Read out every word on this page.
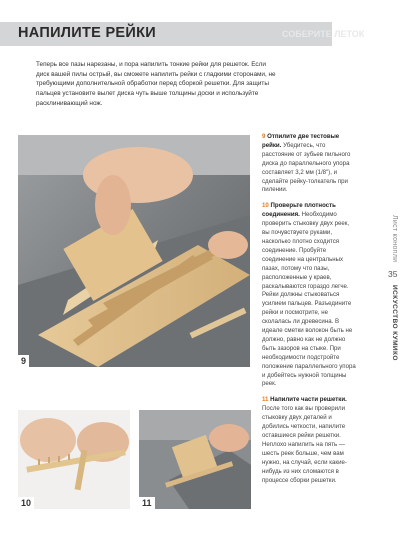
НАПИЛИТЕ РЕЙКИ	СОБЕРИТЕ ЛЕТОК

Теперь все пазы нарезаны, и пора напилить тонкие рейки для решеток. Если диск вашей пилы острый, вы сможете напилить рейки с гладкими сторонами, не требующими дополнительной обработки перед сборкой решетки. Для защиты пальцев установите вылет диска чуть выше толщины доски и используйте расклинивающий нож.

9
10	11

9 Отпилите две тестовые рейки. Убедитесь, что расстояние от зубьев пильного диска до параллельного упора составляет 3,2 мм (1/8"), и сделайте рейку-толкатель при пилении.

10 Проверьте плотность соединения. Необходимо проверить стыковку двух реек, вы почувствуете руками, насколько плотно сходится соединение. Пробуйте соединение на центральных пазах, потому что пазы, расположенные у краев, раскалываются гораздо легче. Рейки должны стыковаться усилием пальцев. Разъедините рейки и посмотрите, не сколалась ли древесина. В идеале сметки волокон быть не должно, равно как не должно быть зазоров на стыке. При необходимости подстройте положение параллельного упора и добейтесь нужной толщины реек.

11 Напилите части решетки. После того как вы проверили стыковку двух деталей и добились четкости, напилите оставшиеся рейки решетки. Неплохо напилить на пять — шесть реек больше, чем вам нужно, на случай, если какие-нибудь из них сломаются в процессе сборки решетки.

Лист конопли
35
ИСКУССТВО КУМИКО
